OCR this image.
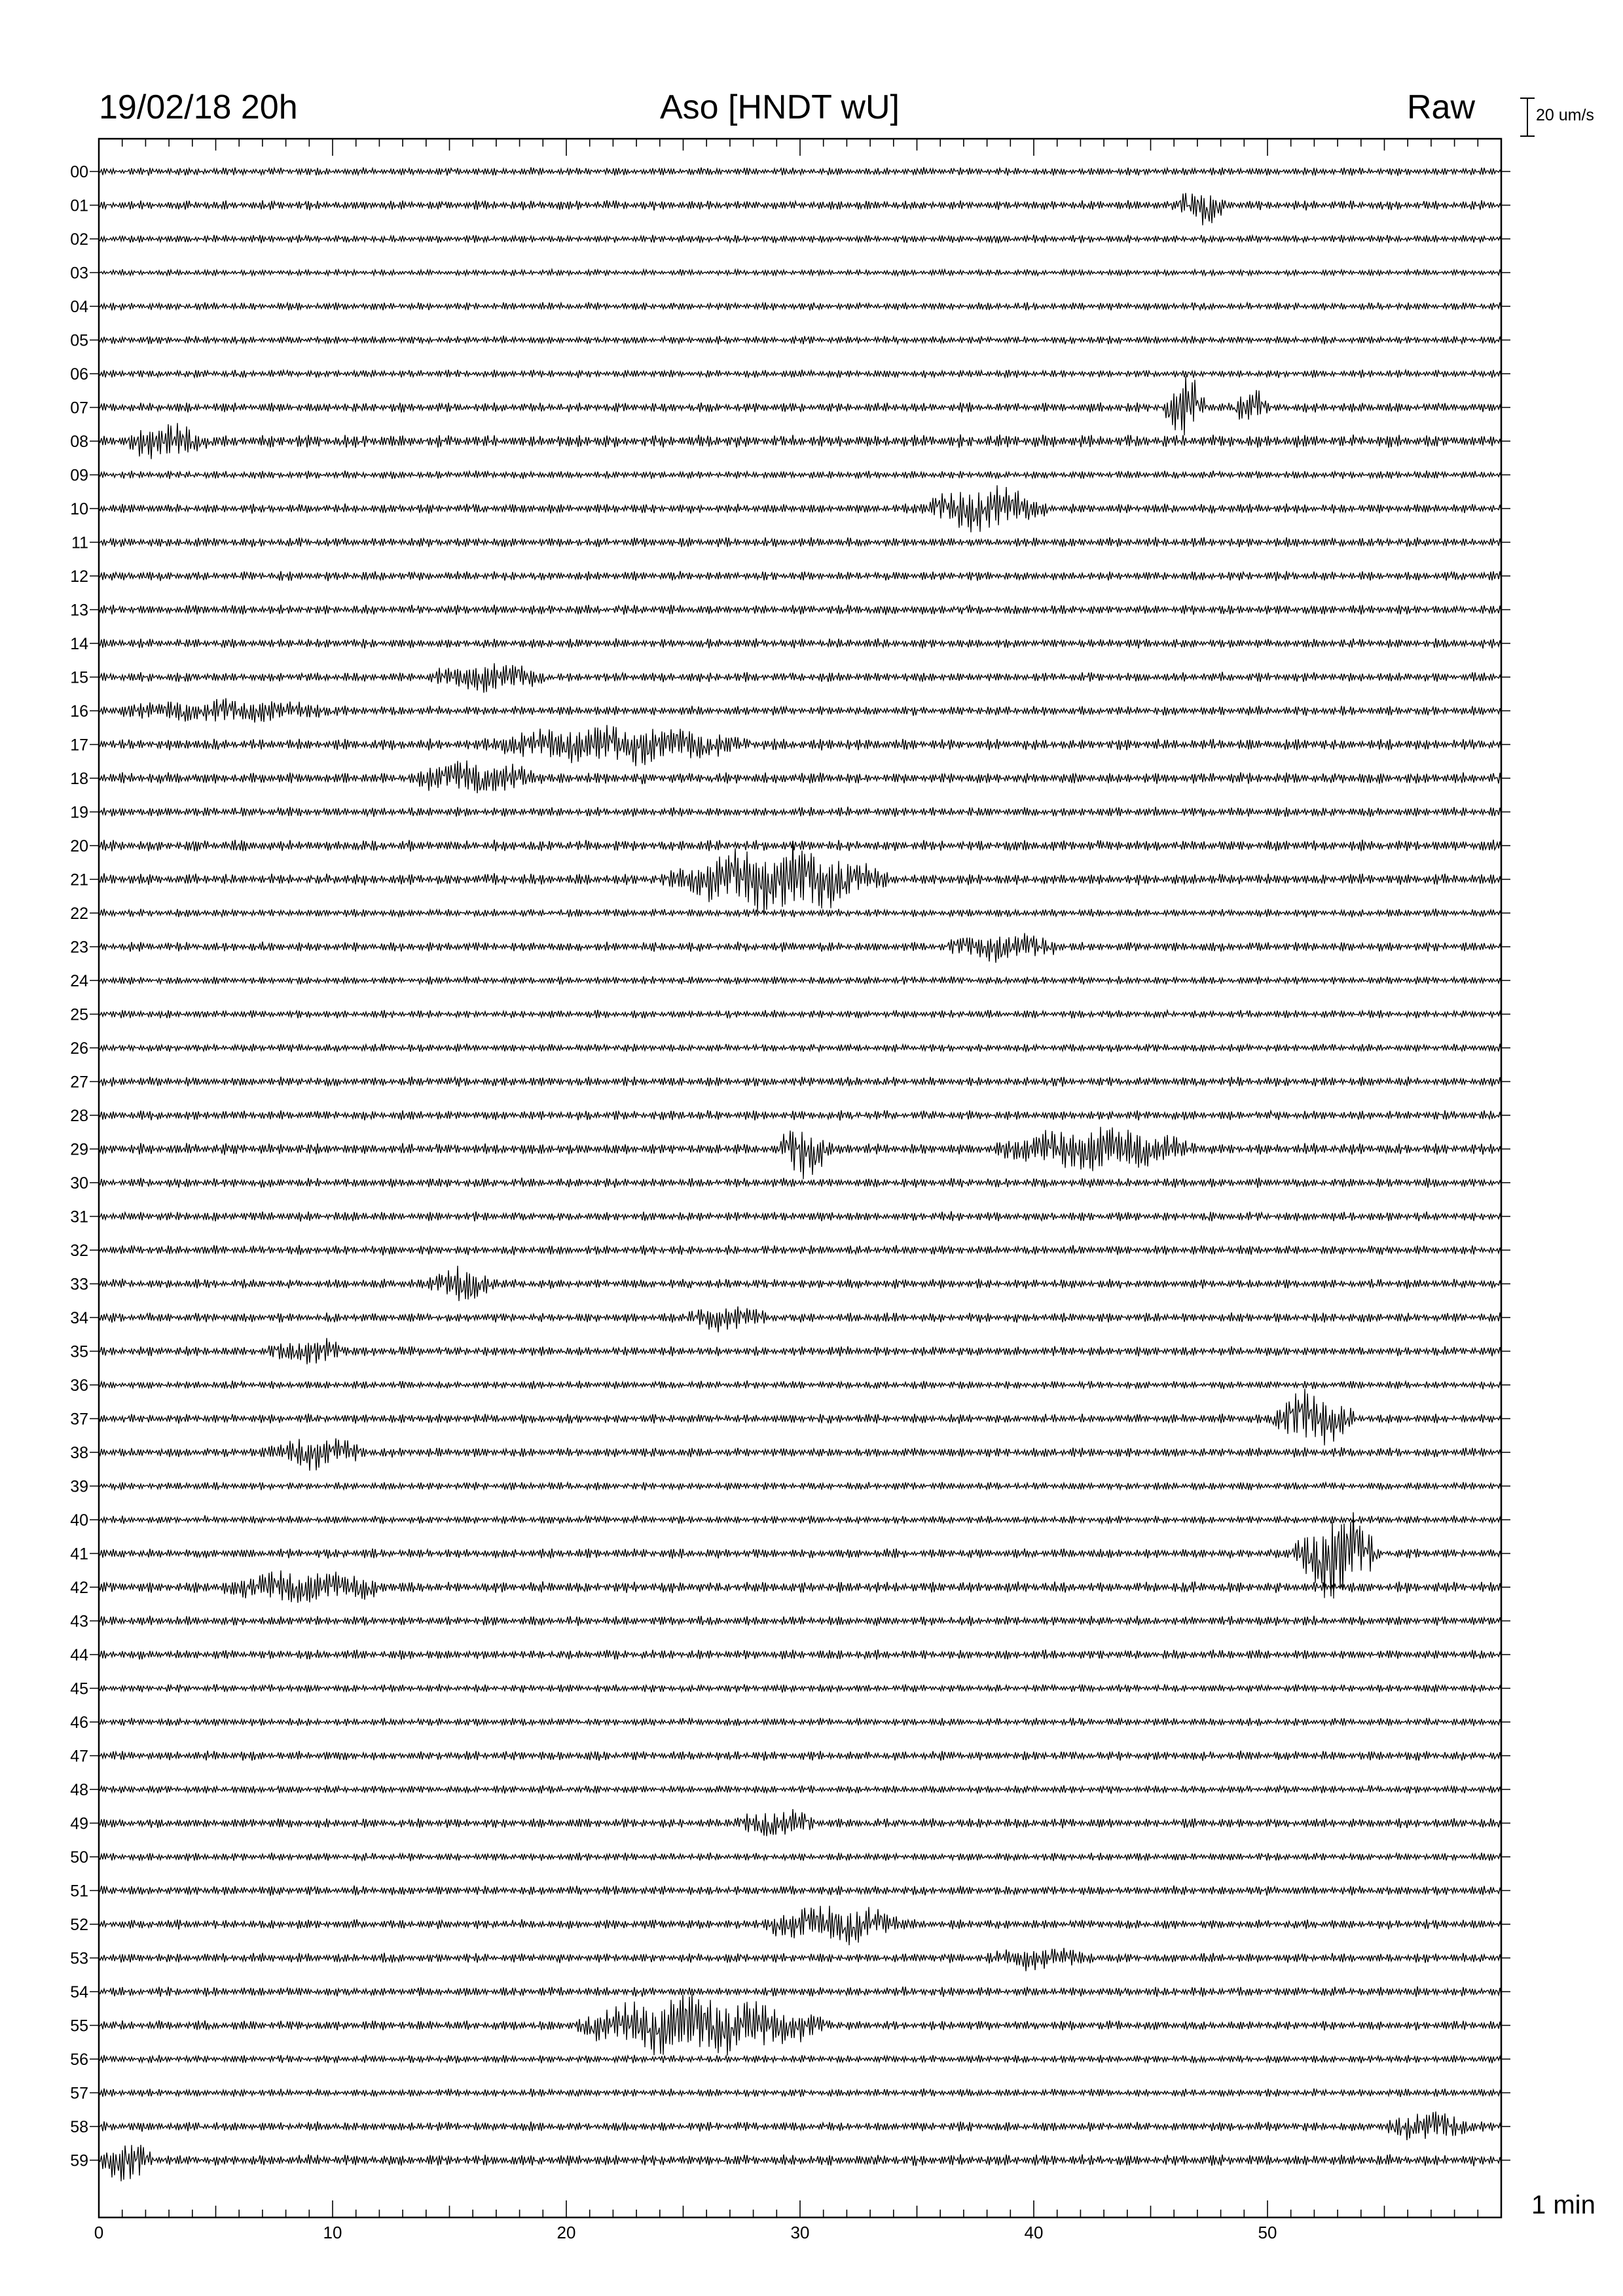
0	10	20	30	40	50
00
01
02
03
04
05
06
07
08
09
10
11
12
13
14
15
16
17
18
19
20
21
22
23
24
25
26
27
28
29
30
31
32
33
34
35
36
37
38
39
40
41
42
43
44
45
46
47
48
49
50
51
52
53
54
55
56
57
58
59
19/02/18 20h	Aso [HNDT wU]	Raw	20 um/s
1 min
